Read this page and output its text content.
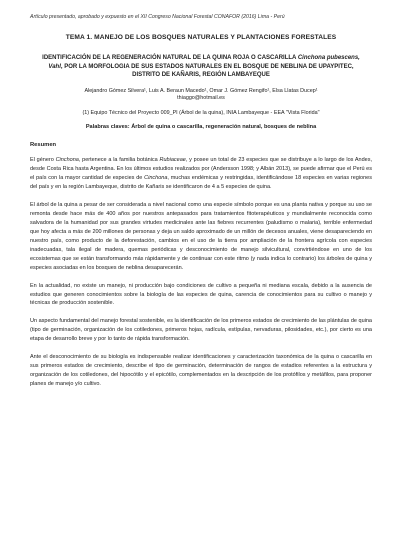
Artículo presentado, aprobado y expuesto en el XII Congreso Nacional Forestal CONAFOR (2016) Lima - Perú
TEMA 1. MANEJO DE LOS BOSQUES NATURALES Y PLANTACIONES FORESTALES
IDENTIFICACIÓN DE LA REGENERACIÓN NATURAL DE LA QUINA ROJA O CASCARILLA Cinchona pubescens, Vahl, POR LA MORFOLOGIA DE SUS ESTADOS NATURALES EN EL BOSQUE DE NEBLINA DE UPAYPITEC, DISTRITO DE KAÑARIS, REGIÓN LAMBAYEQUE
Alejandro Gómez Silvera¹, Luis A. Beraun Macedo¹, Omar J. Gómez Rengifo¹, Elsa Llatas Ducep¹
thiaggo@hotmail.es
(1) Equipo Técnico del Proyecto 009_PI (Árbol de la quina), INIA Lambayeque - EEA "Vista Florida"
Palabras claves: Árbol de quina o cascarilla, regeneración natural, bosques de neblina
Resumen

El género Cinchona, pertenece a la familia botánica Rubiaceae, y posee un total de 23 especies que se distribuye a lo largo de los Andes, desde Costa Rica hasta Argentina. En los últimos estudios realizados por (Andersson 1998; y Albán 2013), se puede afirmar que el Perú es el país con la mayor cantidad de especies de Cinchona, muchas endémicas y restringidas, identificándose 18 especies en varias regiones del país y en la región Lambayeque, distrito de Kañaris se identificaron de 4 a 5 especies de quina.

El árbol de la quina a pesar de ser considerada a nivel nacional como una especie símbolo porque es una planta nativa y porque su uso se remonta desde hace más de 400 años por nuestros antepasados para tratamientos fitoterapéuticos y mundialmente reconocida como salvadora de la humanidad por sus grandes virtudes medicinales ante las fiebres recurrentes (paludismo o malaria), terrible enfermedad que hoy afecta a más de 200 millones de personas y deja un saldo aproximado de un millón de decesos anuales, viene desapareciendo en nuestro país, como producto de la deforestación, cambios en el uso de la tierra por ampliación de la frontera agrícola con especies inadecuadas, tala ilegal de madera, quemas periódicas y desconocimiento de manejo silvicultural, convirtiéndose en uno de los ecosistemas que se están transformando más rápidamente y de continuar con este ritmo (y nada indica lo contrario) los árboles de quina y especies asociadas en los bosques de neblina desaparecerán.

En la actualidad, no existe un manejo, ni producción bajo condiciones de cultivo a pequeña ni mediana escala, debido a la ausencia de estudios que generen conocimientos sobre la biología de las especies de quina, carencia de conocimientos para su cultivo o manejo y técnicas de producción sostenible.

Un aspecto fundamental del manejo forestal sostenible, es la identificación de los primeros estados de crecimiento de las plántulas de quina (tipo de germinación, organización de los cotiledones, primeros hojas, radícula, estípulas, nervaduras, pilosidades, etc.), por cierto es una etapa de desarrollo breve y por lo tanto de rápida transformación.

Ante el desconocimiento de su biología es indispensable realizar identificaciones y caracterización taxonómica de la quina o cascarilla en sus primeros estados de crecimiento, describe el tipo de germinación, determinación de rangos de estadios referentes a la estructura y organización de los cotiledones, del hipocótilo y el epicótilo, complementados en la descripción de los protófilos y metáfilos, para proponer planes de manejo y/o cultivo.
